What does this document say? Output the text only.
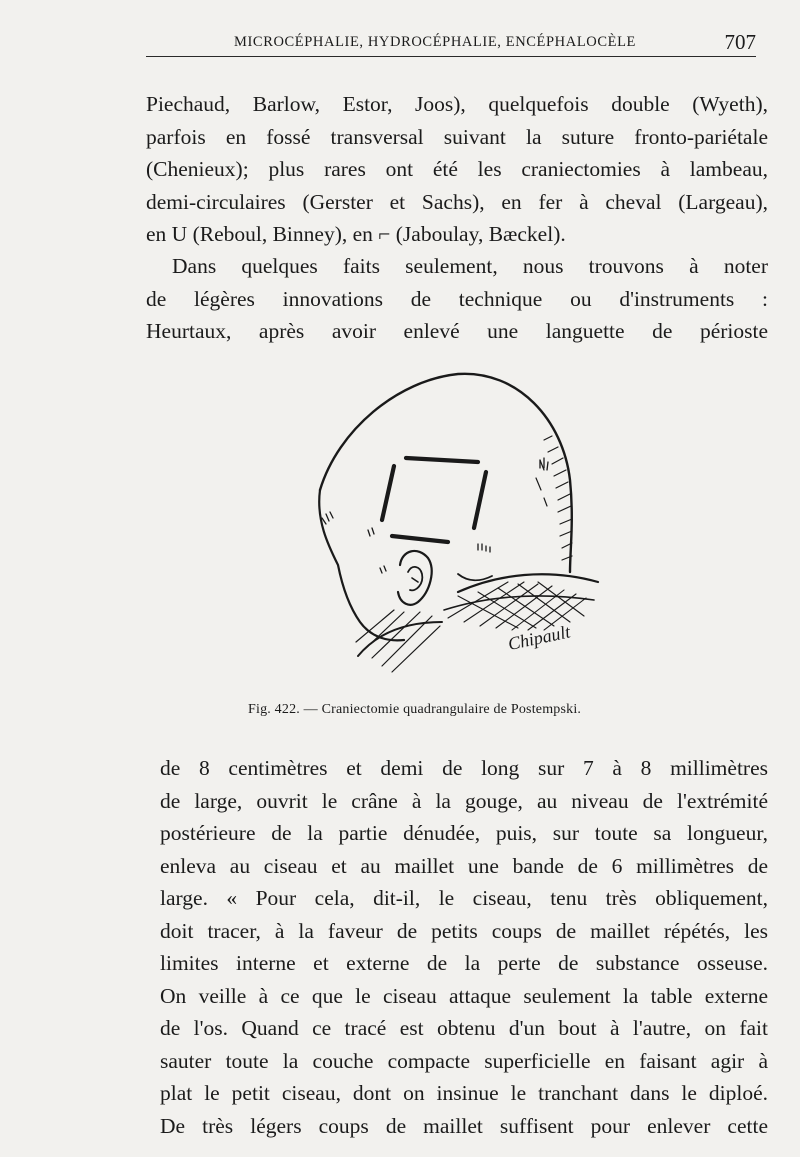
MICROCÉPHALIE, HYDROCÉPHALIE, ENCÉPHALOCÈLE	707
Piechaud, Barlow, Estor, Joos), quelquefois double (Wyeth),
parfois en fossé transversal suivant la suture fronto-pariétale
(Chenieux); plus rares ont été les craniectomies à lambeau,
demi-circulaires (Gerster et Sachs), en fer à cheval (Largeau),
en U (Reboul, Binney), en ⌐ (Jaboulay, Bæckel).
Dans quelques faits seulement, nous trouvons à noter
de légères innovations de technique ou d'instruments :
Heurtaux, après avoir enlevé une languette de périoste
Chipault
Fig. 422. — Craniectomie quadrangulaire de Postempski.
de 8 centimètres et demi de long sur 7 à 8 millimètres
de large, ouvrit le crâne à la gouge, au niveau de l'extrémité
postérieure de la partie dénudée, puis, sur toute sa longueur,
enleva au ciseau et au maillet une bande de 6 millimètres de
large. « Pour cela, dit-il, le ciseau, tenu très obliquement,
doit tracer, à la faveur de petits coups de maillet répétés, les
limites interne et externe de la perte de substance osseuse.
On veille à ce que le ciseau attaque seulement la table externe
de l'os. Quand ce tracé est obtenu d'un bout à l'autre, on fait
sauter toute la couche compacte superficielle en faisant agir à
plat le petit ciseau, dont on insinue le tranchant dans le diploé.
De très légers coups de maillet suffisent pour enlever cette
